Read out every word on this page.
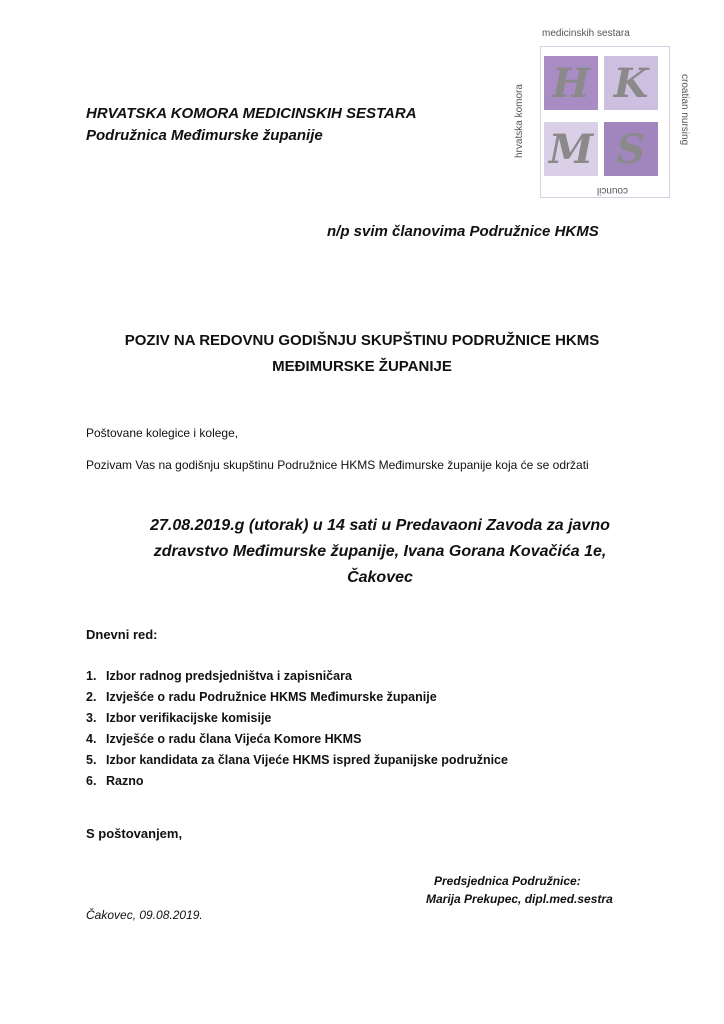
medicinskih sestara
hrvatska komora	croatian nursing
council
H K
M S
HRVATSKA KOMORA MEDICINSKIH SESTARA
Podružnica Međimurske županije
n/p svim članovima Podružnice HKMS
POZIV NA REDOVNU GODIŠNJU SKUPŠTINU PODRUŽNICE HKMS
MEĐIMURSKE ŽUPANIJE
Poštovane kolegice i kolege,
Pozivam Vas na godišnju skupštinu Podružnice HKMS Međimurske županije koja će se održati
27.08.2019.g (utorak) u 14 sati u Predavaoni Zavoda za javno
zdravstvo Međimurske županije, Ivana Gorana Kovačića 1e,
Čakovec
Dnevni red:
1. Izbor radnog predsjedništva i zapisničara
2. Izvješće o radu Podružnice HKMS Međimurske županije
3. Izbor verifikacijske komisije
4. Izvješće o radu člana Vijeća Komore HKMS
5. Izbor kandidata za člana Vijeće HKMS ispred županijske podružnice
6. Razno
S poštovanjem,
Predsjednica Podružnice:
Marija Prekupec, dipl.med.sestra
Čakovec, 09.08.2019.
